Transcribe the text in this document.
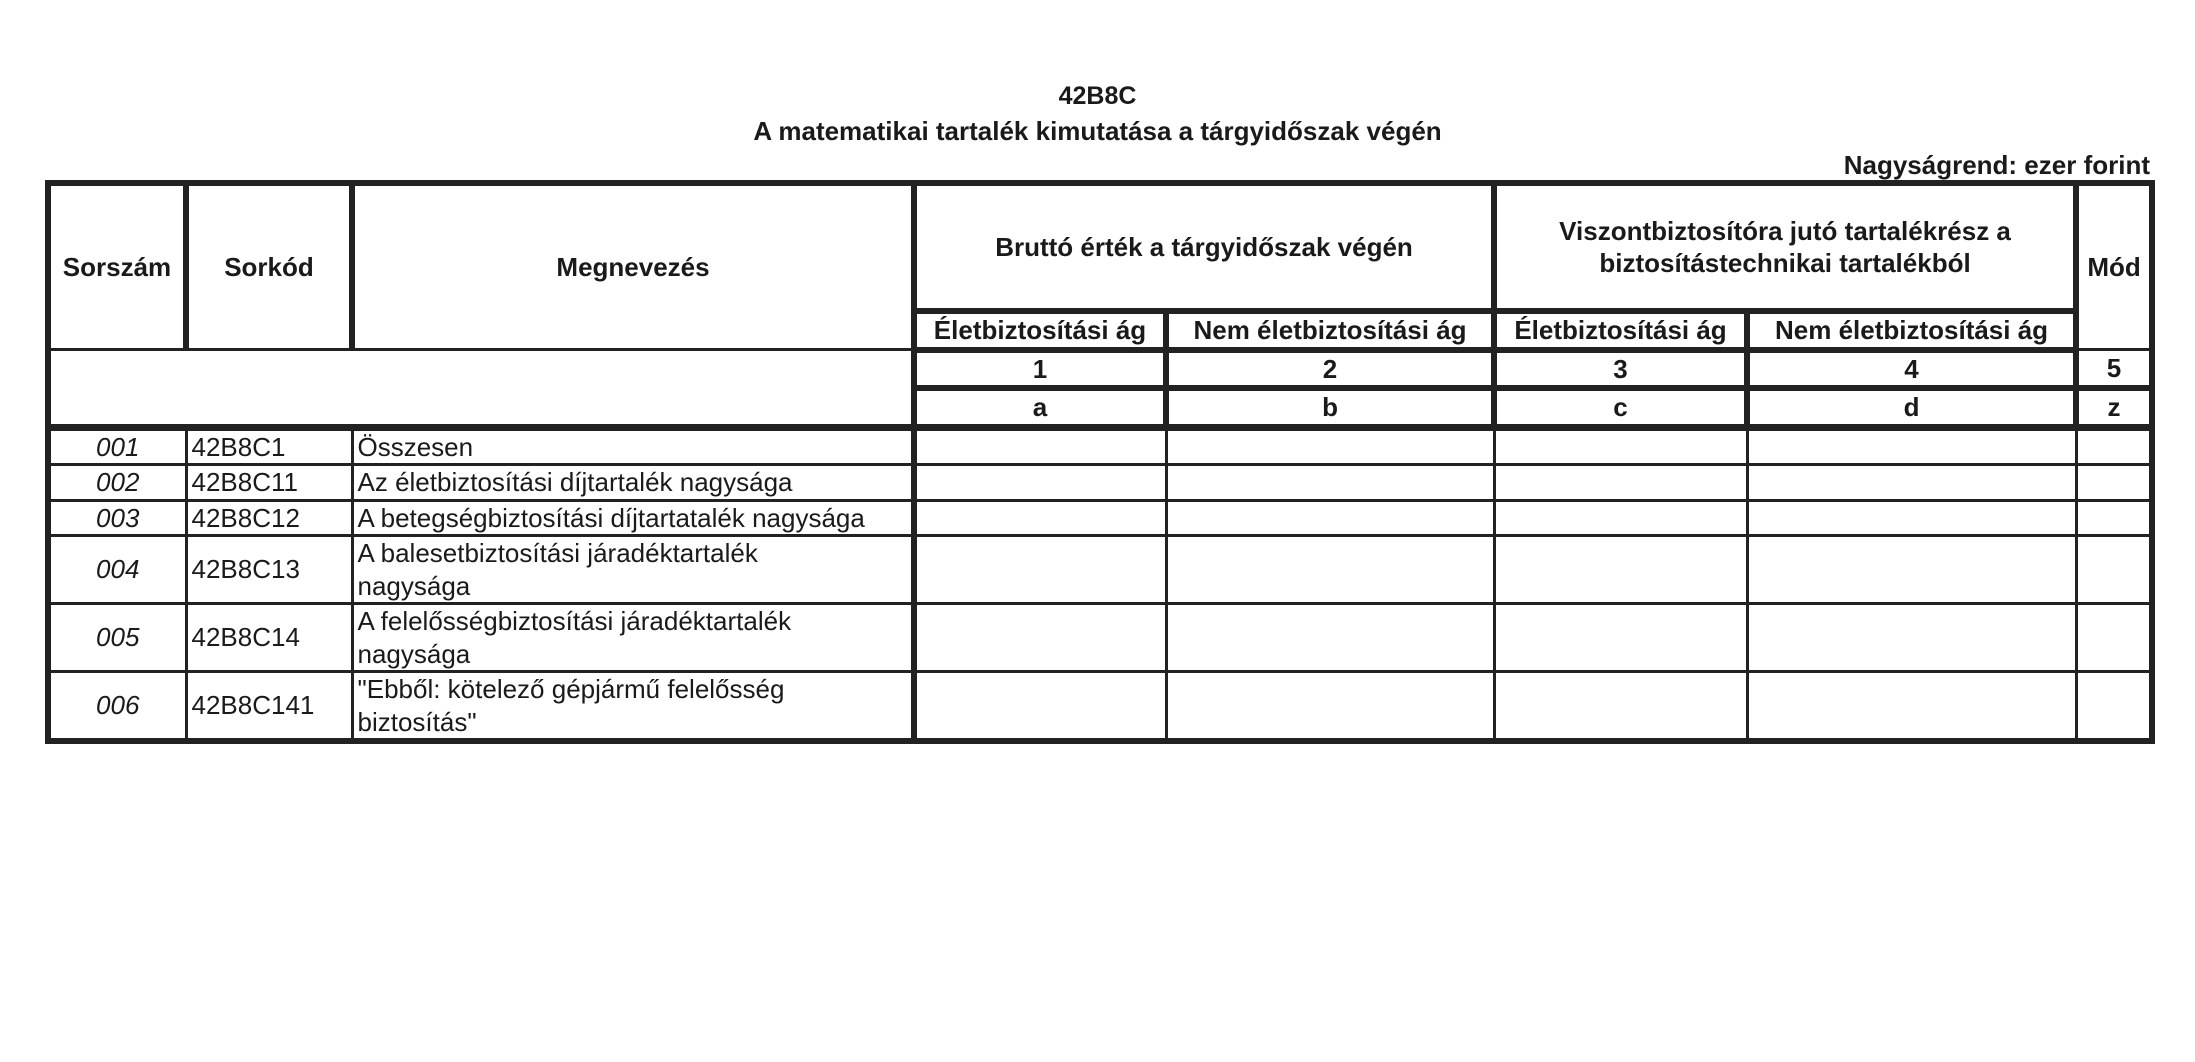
42B8C
A matematikai tartalék kimutatása a tárgyidőszak végén
Nagyságrend: ezer forint
Sorszám	Sorkód	Megnevezés	Bruttó érték a tárgyidőszak végén		Viszontbiztosítóra jutó tartalékrész a biztosítástechnikai tartalékból		Mód
			Életbiztosítási ág	Nem életbiztosítási ág	Életbiztosítási ág	Nem életbiztosítási ág	
			1	2	3	4	5
			a	b	c	d	z
001	42B8C1	Összesen					
002	42B8C11	Az életbiztosítási díjtartalék nagysága					
003	42B8C12	A betegségbiztosítási díjtartatalék nagysága					
004	42B8C13	A balesetbiztosítási járadéktartalék nagysága					
005	42B8C14	A felelősségbiztosítási járadéktartalék nagysága					
006	42B8C141	"Ebből: kötelező gépjármű felelősség biztosítás"					
